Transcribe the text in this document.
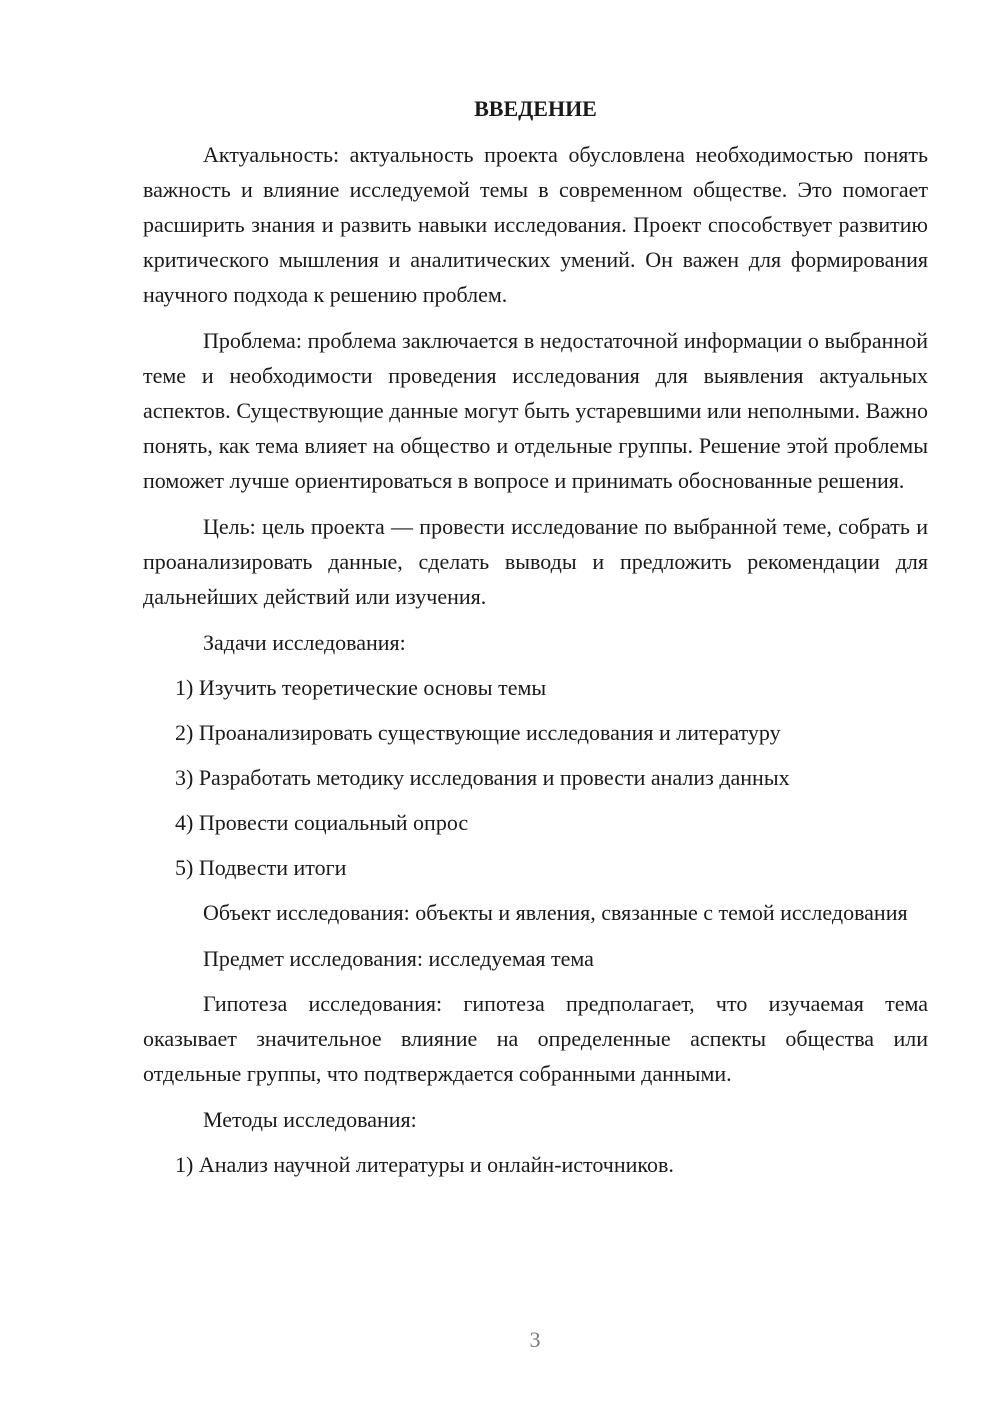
ВВЕДЕНИЕ

Актуальность: актуальность проекта обусловлена необходимостью понять важность и влияние исследуемой темы в современном обществе. Это помогает расширить знания и развить навыки исследования. Проект способствует развитию критического мышления и аналитических умений. Он важен для формирования научного подхода к решению проблем.

Проблема: проблема заключается в недостаточной информации о выбранной теме и необходимости проведения исследования для выявления актуальных аспектов. Существующие данные могут быть устаревшими или неполными. Важно понять, как тема влияет на общество и отдельные группы. Решение этой проблемы поможет лучше ориентироваться в вопросе и принимать обоснованные решения.

Цель: цель проекта — провести исследование по выбранной теме, собрать и проанализировать данные, сделать выводы и предложить рекомендации для дальнейших действий или изучения.

Задачи исследования:
1) Изучить теоретические основы темы
2) Проанализировать существующие исследования и литературу
3) Разработать методику исследования и провести анализ данных
4) Провести социальный опрос
5) Подвести итоги

Объект исследования: объекты и явления, связанные с темой исследования

Предмет исследования: исследуемая тема

Гипотеза исследования: гипотеза предполагает, что изучаемая тема оказывает значительное влияние на определенные аспекты общества или отдельные группы, что подтверждается собранными данными.

Методы исследования:
1) Анализ научной литературы и онлайн-источников.
3
